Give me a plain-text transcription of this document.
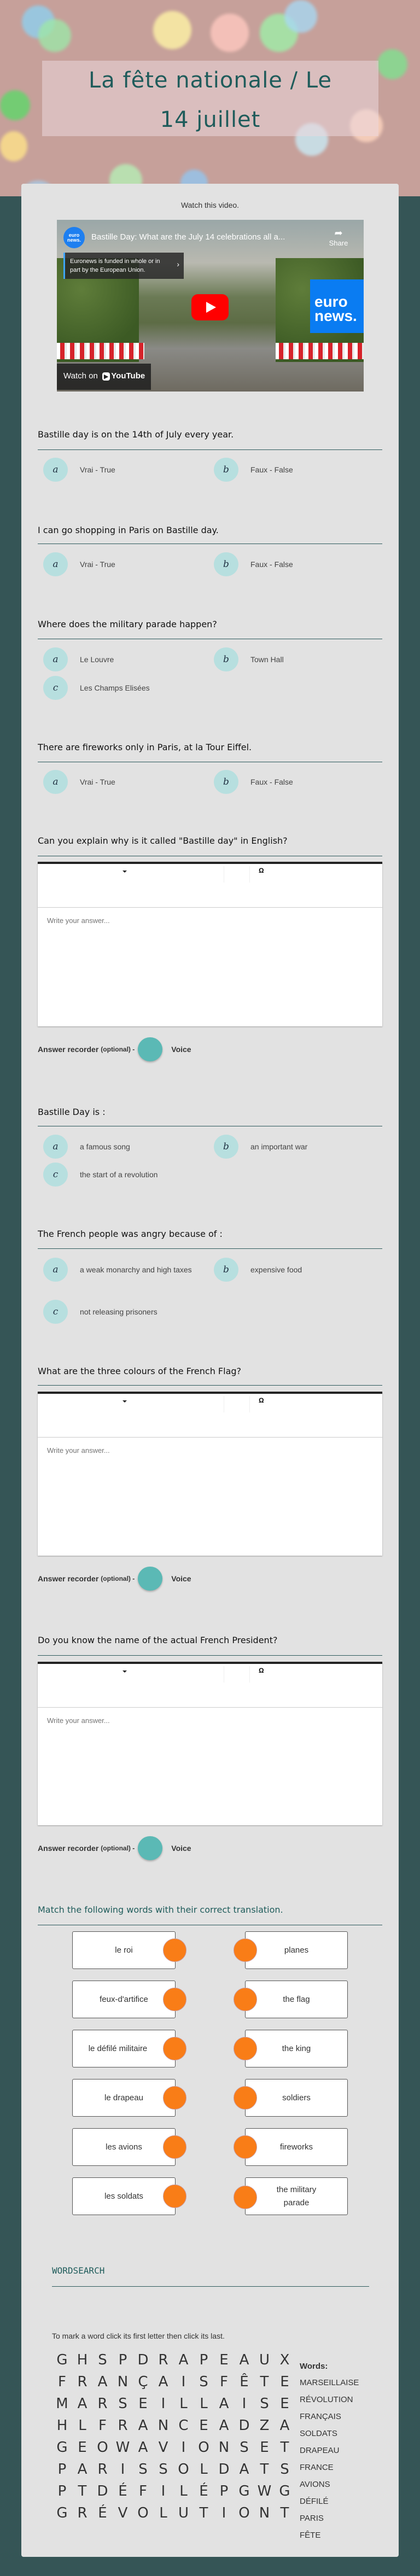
La fête nationale / Le
14 juillet
Watch this video.
euro news.	Bastille Day: What are the July 14 celebrations all a...	➦
Share
Euronews is funded in whole or in part by the European Union.
›
euro news.
Watch on ▶ YouTube
Bastille day is on the 14th of July every year.
a	Vrai - True	b	Faux - False
I can go shopping in Paris on Bastille day.
a	Vrai - True	b	Faux - False
Where does the military parade happen?
a	Le Louvre	b	Town Hall
c	Les Champs Elisées
There are fireworks only in Paris, at la Tour Eiffel.
a	Vrai - True	b	Faux - False
Can you explain why is it called "Bastille day" in English?
Ω
Write your answer...
Answer recorder (optional) -	Voice
Bastille Day is :
a	a famous song	b	an important war
c	the start of a revolution
The French people was angry because of :
a	a weak monarchy and high taxes	b	expensive food
c	not releasing prisoners
What are the three colours of the French Flag?
Ω
Write your answer...
Answer recorder (optional) -	Voice
Do you know the name of the actual French President?
Ω
Write your answer...
Answer recorder (optional) -	Voice
Match the following words with their correct translation.
le roi
feux-d'artifice
le défilé militaire
le drapeau
les avions
les soldats
planes
the flag
the king
soldiers
fireworks
the military parade
WORDSEARCH
To mark a word click its first letter then click its last.
G H S P D R A P E A U X
F R A N Ç A I S F Ê T E
M A R S E I L L A I S E
H L F R A N C E A D Z A
G E O W A V I O N S E T
P A R I S S O L D A T S
P T D É F I L É P G W G
G R É V O L U T I O N T
Words:
MARSEILLAISE
RÉVOLUTION
FRANÇAIS
SOLDATS
DRAPEAU
FRANCE
AVIONS
DÉFILÉ
PARIS
FÊTE
